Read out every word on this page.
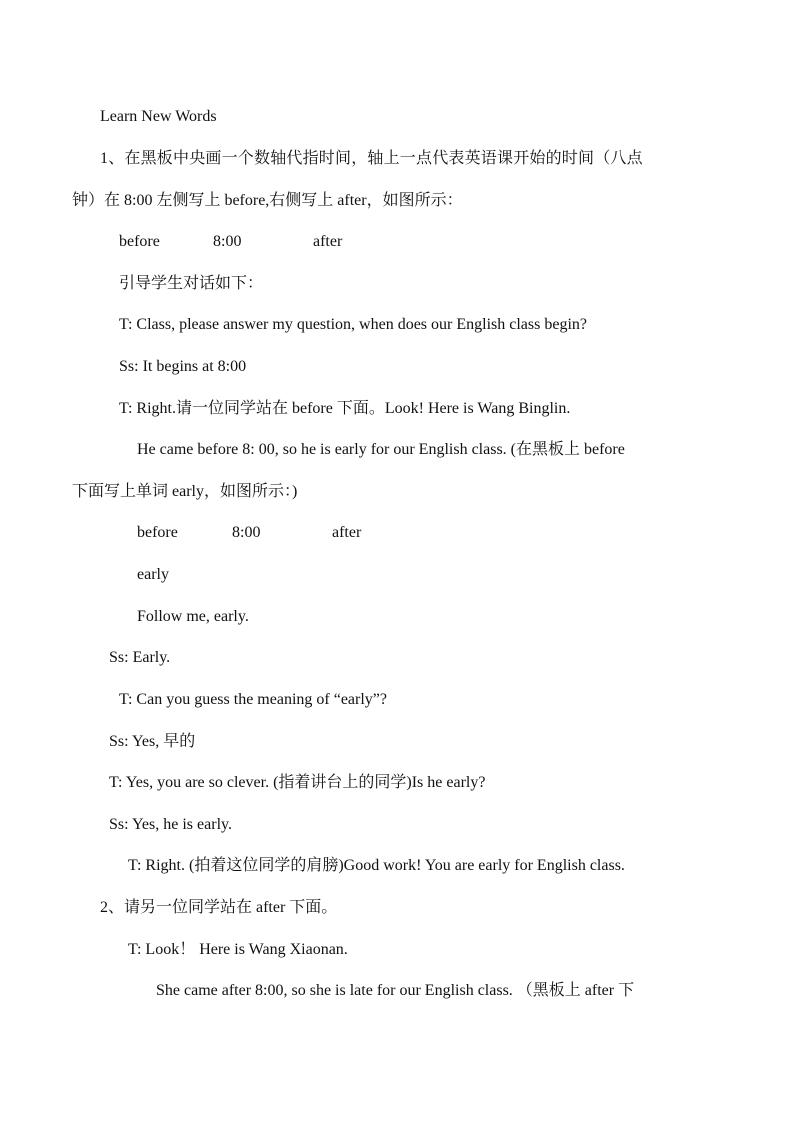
Learn New Words
1、在黑板中央画一个数轴代指时间，轴上一点代表英语课开始的时间（八点
钟）在 8:00 左侧写上 before,右侧写上 after，如图所示：
before	8:00	after
引导学生对话如下：
T: Class, please answer my question, when does our English class begin?
Ss: It begins at 8:00
T: Right.请一位同学站在 before 下面。Look! Here is Wang Binglin.
He came before 8: 00, so he is early for our English class. (在黑板上 before
下面写上单词 early，如图所示：)
before	8:00	after
early
Follow me, early.
Ss: Early.
T: Can you guess the meaning of “early”?
Ss: Yes, 早的
T: Yes, you are so clever. (指着讲台上的同学)Is he early?
Ss: Yes, he is early.
T: Right. (拍着这位同学的肩膀)Good work! You are early for English class.
2、请另一位同学站在 after 下面。
T: Look！ Here is Wang Xiaonan.
She came after 8:00, so she is late for our English class. （黑板上 after 下
